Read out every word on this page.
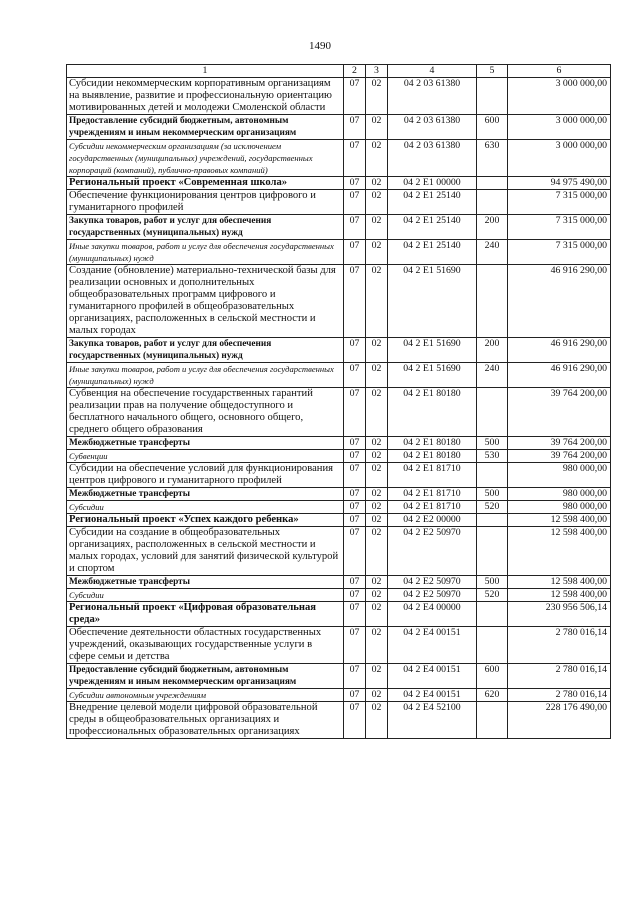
1490
1	2	3	4	5	6
Субсидии некоммерческим корпоративным организациям на выявление, развитие и профессиональную ориентацию мотивированных детей и молодежи Смоленской области	07	02	04 2 03 61380		3 000 000,00
Предоставление субсидий бюджетным, автономным учреждениям и иным некоммерческим организациям	07	02	04 2 03 61380	600	3 000 000,00
Субсидии некоммерческим организациям (за исключением государственных (муниципальных) учреждений, государственных корпораций (компаний), публично-правовых компаний)	07	02	04 2 03 61380	630	3 000 000,00
Региональный проект «Современная школа»	07	02	04 2 E1 00000		94 975 490,00
Обеспечение функционирования центров цифрового и гуманитарного профилей	07	02	04 2 E1 25140		7 315 000,00
Закупка товаров, работ и услуг для обеспечения государственных (муниципальных) нужд	07	02	04 2 E1 25140	200	7 315 000,00
Иные закупки товаров, работ и услуг для обеспечения государственных (муниципальных) нужд	07	02	04 2 E1 25140	240	7 315 000,00
Создание (обновление) материально-технической базы для реализации основных и дополнительных общеобразовательных программ цифрового и гуманитарного профилей в общеобразовательных организациях, расположенных в сельской местности и малых городах	07	02	04 2 E1 51690		46 916 290,00
Закупка товаров, работ и услуг для обеспечения государственных (муниципальных) нужд	07	02	04 2 E1 51690	200	46 916 290,00
Иные закупки товаров, работ и услуг для обеспечения государственных (муниципальных) нужд	07	02	04 2 E1 51690	240	46 916 290,00
Субвенция на обеспечение государственных гарантий реализации прав на получение общедоступного и бесплатного начального общего, основного общего, среднего общего образования	07	02	04 2 E1 80180		39 764 200,00
Межбюджетные трансферты	07	02	04 2 E1 80180	500	39 764 200,00
Субвенции	07	02	04 2 E1 80180	530	39 764 200,00
Субсидии на обеспечение условий для функционирования центров цифрового и гуманитарного профилей	07	02	04 2 E1 81710		980 000,00
Межбюджетные трансферты	07	02	04 2 E1 81710	500	980 000,00
Субсидии	07	02	04 2 E1 81710	520	980 000,00
Региональный проект «Успех каждого ребенка»	07	02	04 2 E2 00000		12 598 400,00
Субсидии на создание в общеобразовательных организациях, расположенных в сельской местности и малых городах, условий для занятий физической культурой и спортом	07	02	04 2 E2 50970		12 598 400,00
Межбюджетные трансферты	07	02	04 2 E2 50970	500	12 598 400,00
Субсидии	07	02	04 2 E2 50970	520	12 598 400,00
Региональный проект «Цифровая образовательная среда»	07	02	04 2 E4 00000		230 956 506,14
Обеспечение деятельности областных государственных учреждений, оказывающих государственные услуги в сфере семьи и детства	07	02	04 2 E4 00151		2 780 016,14
Предоставление субсидий бюджетным, автономным учреждениям и иным некоммерческим организациям	07	02	04 2 E4 00151	600	2 780 016,14
Субсидии автономным учреждениям	07	02	04 2 E4 00151	620	2 780 016,14
Внедрение целевой модели цифровой образовательной среды в общеобразовательных организациях и профессиональных образовательных организациях	07	02	04 2 E4 52100		228 176 490,00
